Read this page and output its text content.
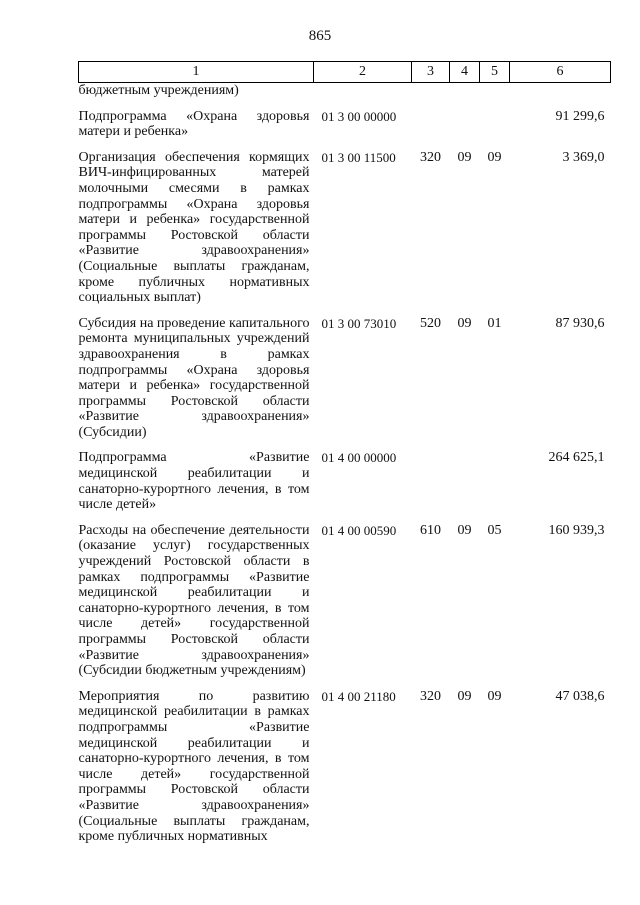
865
1	2	3	4	5	6
бюджетным учреждениям)					
Подпрограмма «Охрана здоровья матери и ребенка»	01 3 00 00000				91 299,6
Организация обеспечения кормящих ВИЧ-инфицированных матерей молочными смесями в рамках подпрограммы «Охрана здоровья матери и ребенка» государственной программы Ростовской области «Развитие здравоохранения» (Социальные выплаты гражданам, кроме публичных нормативных социальных выплат)	01 3 00 11500	320	09	09	3 369,0
Субсидия на проведение капитального ремонта муниципальных учреждений здравоохранения в рамках подпрограммы «Охрана здоровья матери и ребенка» государственной программы Ростовской области «Развитие здравоохранения» (Субсидии)	01 3 00 73010	520	09	01	87 930,6
Подпрограмма «Развитие медицинской реабилитации и санаторно-курортного лечения, в том числе детей»	01 4 00 00000				264 625,1
Расходы на обеспечение деятельности (оказание услуг) государственных учреждений Ростовской области в рамках подпрограммы «Развитие медицинской реабилитации и санаторно-курортного лечения, в том числе детей» государственной программы Ростовской области «Развитие здравоохранения» (Субсидии бюджетным учреждениям)	01 4 00 00590	610	09	05	160 939,3
Мероприятия по развитию медицинской реабилитации в рамках подпрограммы «Развитие медицинской реабилитации и санаторно-курортного лечения, в том числе детей» государственной программы Ростовской области «Развитие здравоохранения» (Социальные выплаты гражданам, кроме публичных нормативных	01 4 00 21180	320	09	09	47 038,6
